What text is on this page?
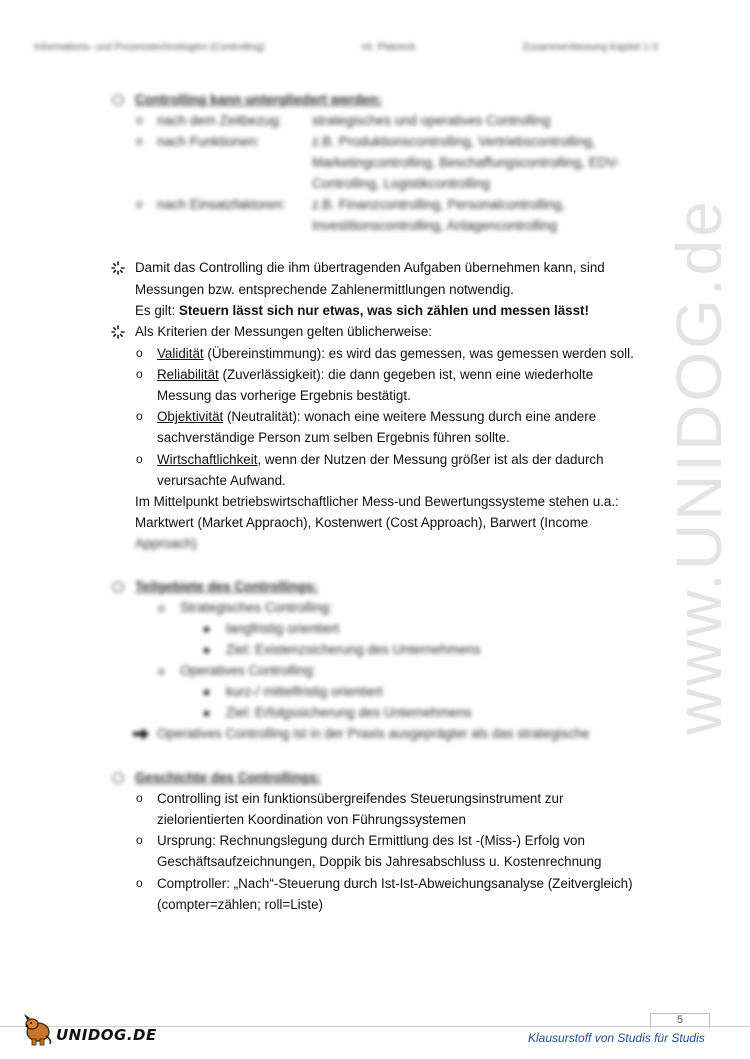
Informations- und Prozesstechnologien (Controlling)	Hr. Platzeck	Zusammenfassung Kapitel 1-3
www.UNIDOG.de
Controlling kann untergliedert werden:
o nach dem Zeitbezug: strategisches und operatives Controlling
o nach Funktionen:	z.B. Produktionscontrolling, Vertriebscontrolling,
Marketingcontrolling, Beschaffungscontrolling, EDV-
Controlling, Logistikcontrolling
o nach Einsatzfaktoren: z.B. Finanzcontrolling, Personalcontrolling,
Investitionscontrolling, Anlagencontrolling
Damit das Controlling die ihm übertragenden Aufgaben übernehmen kann, sind
Messungen bzw. entsprechende Zahlenermittlungen notwendig.
Es gilt: Steuern lässt sich nur etwas, was sich zählen und messen lässt!
Als Kriterien der Messungen gelten üblicherweise:
o Validität (Übereinstimmung): es wird das gemessen, was gemessen werden soll.
o Reliabilität (Zuverlässigkeit): die dann gegeben ist, wenn eine wiederholte
Messung das vorherige Ergebnis bestätigt.
o Objektivität (Neutralität): wonach eine weitere Messung durch eine andere
sachverständige Person zum selben Ergebnis führen sollte.
o Wirtschaftlichkeit, wenn der Nutzen der Messung größer ist als der dadurch
verursachte Aufwand.
Im Mittelpunkt betriebswirtschaftlicher Mess-und Bewertungssysteme stehen u.a.:
Marktwert (Market Appraoch), Kostenwert (Cost Approach), Barwert (Income
Approach)
Teilgebiete des Controllings:
o Strategisches Controlling:
langfristig orientiert
Ziel: Existenzsicherung des Unternehmens
o Operatives Controlling:
kurz-/ mittelfristig orientiert
Ziel: Erfolgssicherung des Unternehmens
Operatives Controlling ist in der Praxis ausgeprägter als das strategische
Geschichte des Controllings:
o Controlling ist ein funktionsübergreifendes Steuerungsinstrument zur
zielorientierten Koordination von Führungssystemen
o Ursprung: Rechnungslegung durch Ermittlung des Ist -(Miss-) Erfolg von
Geschäftsaufzeichnungen, Doppik bis Jahresabschluss u. Kostenrechnung
o Comptroller: „Nach“-Steuerung durch Ist-Ist-Abweichungsanalyse (Zeitvergleich)
(compter=zählen; roll=Liste)
5
UNIDOG.DE	Klausurstoff von Studis für Studis
